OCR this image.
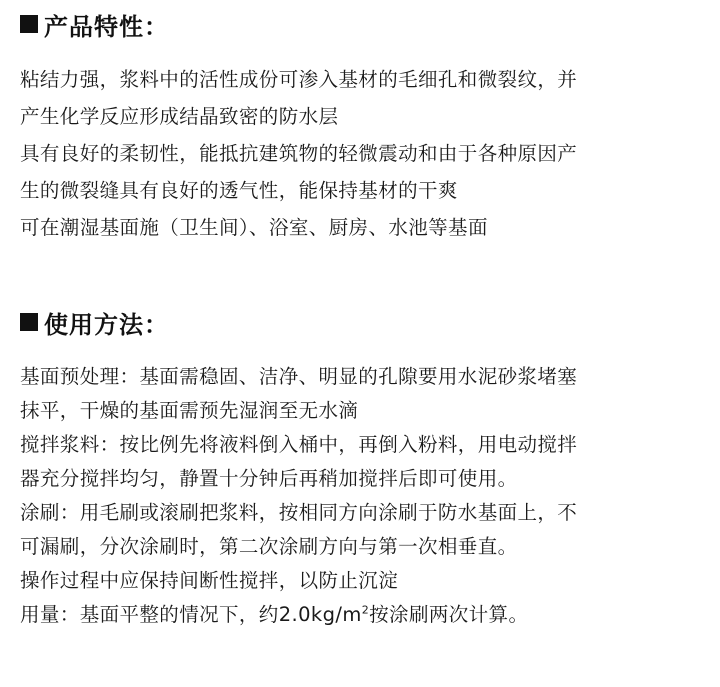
产品特性：
粘结力强，浆料中的活性成份可渗入基材的毛细孔和微裂纹，并
产生化学反应形成结晶致密的防水层
具有良好的柔韧性，能抵抗建筑物的轻微震动和由于各种原因产
生的微裂缝具有良好的透气性，能保持基材的干爽
可在潮湿基面施（卫生间）、浴室、厨房、水池等基面
使用方法：
基面预处理：基面需稳固、洁净、明显的孔隙要用水泥砂浆堵塞
抹平，干燥的基面需预先湿润至无水滴
搅拌浆料：按比例先将液料倒入桶中，再倒入粉料，用电动搅拌
器充分搅拌均匀，静置十分钟后再稍加搅拌后即可使用。
涂刷：用毛刷或滚刷把浆料，按相同方向涂刷于防水基面上，不
可漏刷，分次涂刷时，第二次涂刷方向与第一次相垂直。
操作过程中应保持间断性搅拌，以防止沉淀
用量：基面平整的情况下，约$2.0kg/m^2$按涂刷两次计算。
